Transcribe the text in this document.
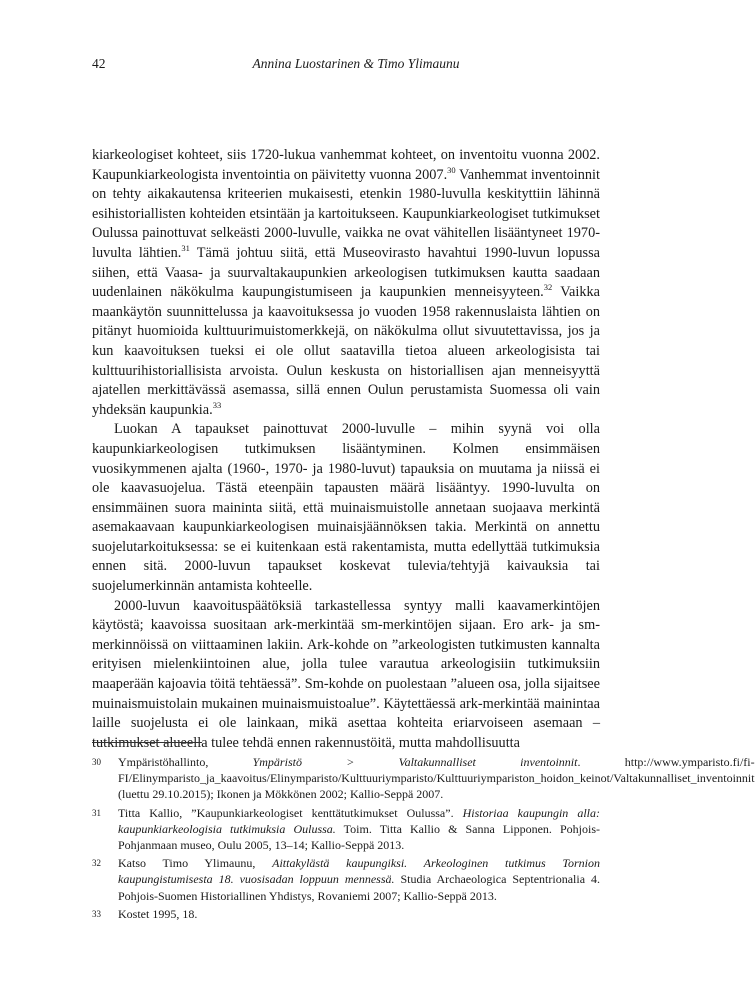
42	Annina Luostarinen & Timo Ylimaunu

kiarkeologiset kohteet, siis 1720-lukua vanhemmat kohteet, on inventoitu vuonna 2002. Kaupunkiarkeologista inventointia on päivitetty vuonna 2007.30 Vanhemmat inventoinnit on tehty aikakautensa kriteerien mukaisesti, etenkin 1980-luvulla keskityttiin lähinnä esihistoriallisten kohteiden etsintään ja kartoitukseen. Kaupunkiarkeologiset tutkimukset Oulussa painottuvat selkeästi 2000-luvulle, vaikka ne ovat vähitellen lisääntyneet 1970-luvulta lähtien.$^{31}$ Tämä johtuu siitä, että Museovirasto havahtui 1990-luvun lopussa siihen, että Vaasa- ja suurvaltakaupunkien arkeologisen tutkimuksen kautta saadaan uudenlainen näkökulma kaupungistumiseen ja kaupunkien menneisyyteen.$^{32}$ Vaikka maankäytön suunnittelussa ja kaavoituksessa jo vuoden 1958 rakennuslaista lähtien on pitänyt huomioida kulttuurimuistomerkkejä, on näkökulma ollut sivuutettavissa, jos ja kun kaavoituksen tueksi ei ole ollut saatavilla tietoa alueen arkeologisista tai kulttuurihistoriallisista arvoista. Oulun keskusta on historiallisen ajan menneisyyttä ajatellen merkittävässä asemassa, sillä ennen Oulun perustamista Suomessa oli vain yhdeksän kaupunkia.$^{33}$

Luokan A tapaukset painottuvat 2000-luvulle – mihin syynä voi olla kaupunkiarkeologisen tutkimuksen lisääntyminen. Kolmen ensimmäisen vuosikymmenen ajalta (1960-, 1970- ja 1980-luvut) tapauksia on muutama ja niissä ei ole kaavasuojelua. Tästä eteenpäin tapausten määrä lisääntyy. 1990-luvulta on ensimmäinen suora maininta siitä, että muinaismuistolle annetaan suojaava merkintä asemakaavaan kaupunkiarkeologisen muinaisjäännöksen takia. Merkintä on annettu suojelutarkoituksessa: se ei kuitenkaan estä rakentamista, mutta edellyttää tutkimuksia ennen sitä. 2000-luvun tapaukset koskevat tulevia/tehtyjä kaivauksia tai suojelumerkinnän antamista kohteelle.

2000-luvun kaavoituspäätöksiä tarkastellessa syntyy malli kaavamerkintöjen käytöstä; kaavoissa suositaan ark-merkintää sm-merkintöjen sijaan. Ero ark- ja sm-merkinnöissä on viittaaminen lakiin. Ark-kohde on ”arkeologisten tutkimusten kannalta erityisen mielenkiintoinen alue, jolla tulee varautua arkeologisiin tutkimuksiin maaperään kajoavia töitä tehtäessä”. Sm-kohde on puolestaan ”alueen osa, jolla sijaitsee muinaismuistolain mukainen muinaismuistoalue”. Käytettäessä ark-merkintää mainintaa laille suojelusta ei ole lainkaan, mikä asettaa kohteita eriarvoiseen asemaan – tutkimukset alueella tulee tehdä ennen rakennustöitä, mutta mahdollisuutta

30	Ympäristöhallinto, Ympäristö > Valtakunnalliset inventoinnit. http://www.ymparisto.fi/fi-FI/Elinymparisto_ja_kaavoitus/Elinymparisto/Kulttuuriymparisto/Kulttuuriympariston_hoidon_keinot/Valtakunnalliset_inventoinnit (luettu 29.10.2015); Ikonen ja Mökkönen 2002; Kallio-Seppä 2007.
31	Titta Kallio, ”Kaupunkiarkeologiset kenttätutkimukset Oulussa”. Historiaa kaupungin alla: kaupunkiarkeologisia tutkimuksia Oulussa. Toim. Titta Kallio & Sanna Lipponen. Pohjois-Pohjanmaan museo, Oulu 2005, 13–14; Kallio-Seppä 2013.
32	Katso Timo Ylimaunu, Aittakylästä kaupungiksi. Arkeologinen tutkimus Tornion kaupungistumisesta 18. vuosisadan loppuun mennessä. Studia Archaeologica Septentrionalia 4. Pohjois-Suomen Historiallinen Yhdistys, Rovaniemi 2007; Kallio-Seppä 2013.
33	Kostet 1995, 18.
